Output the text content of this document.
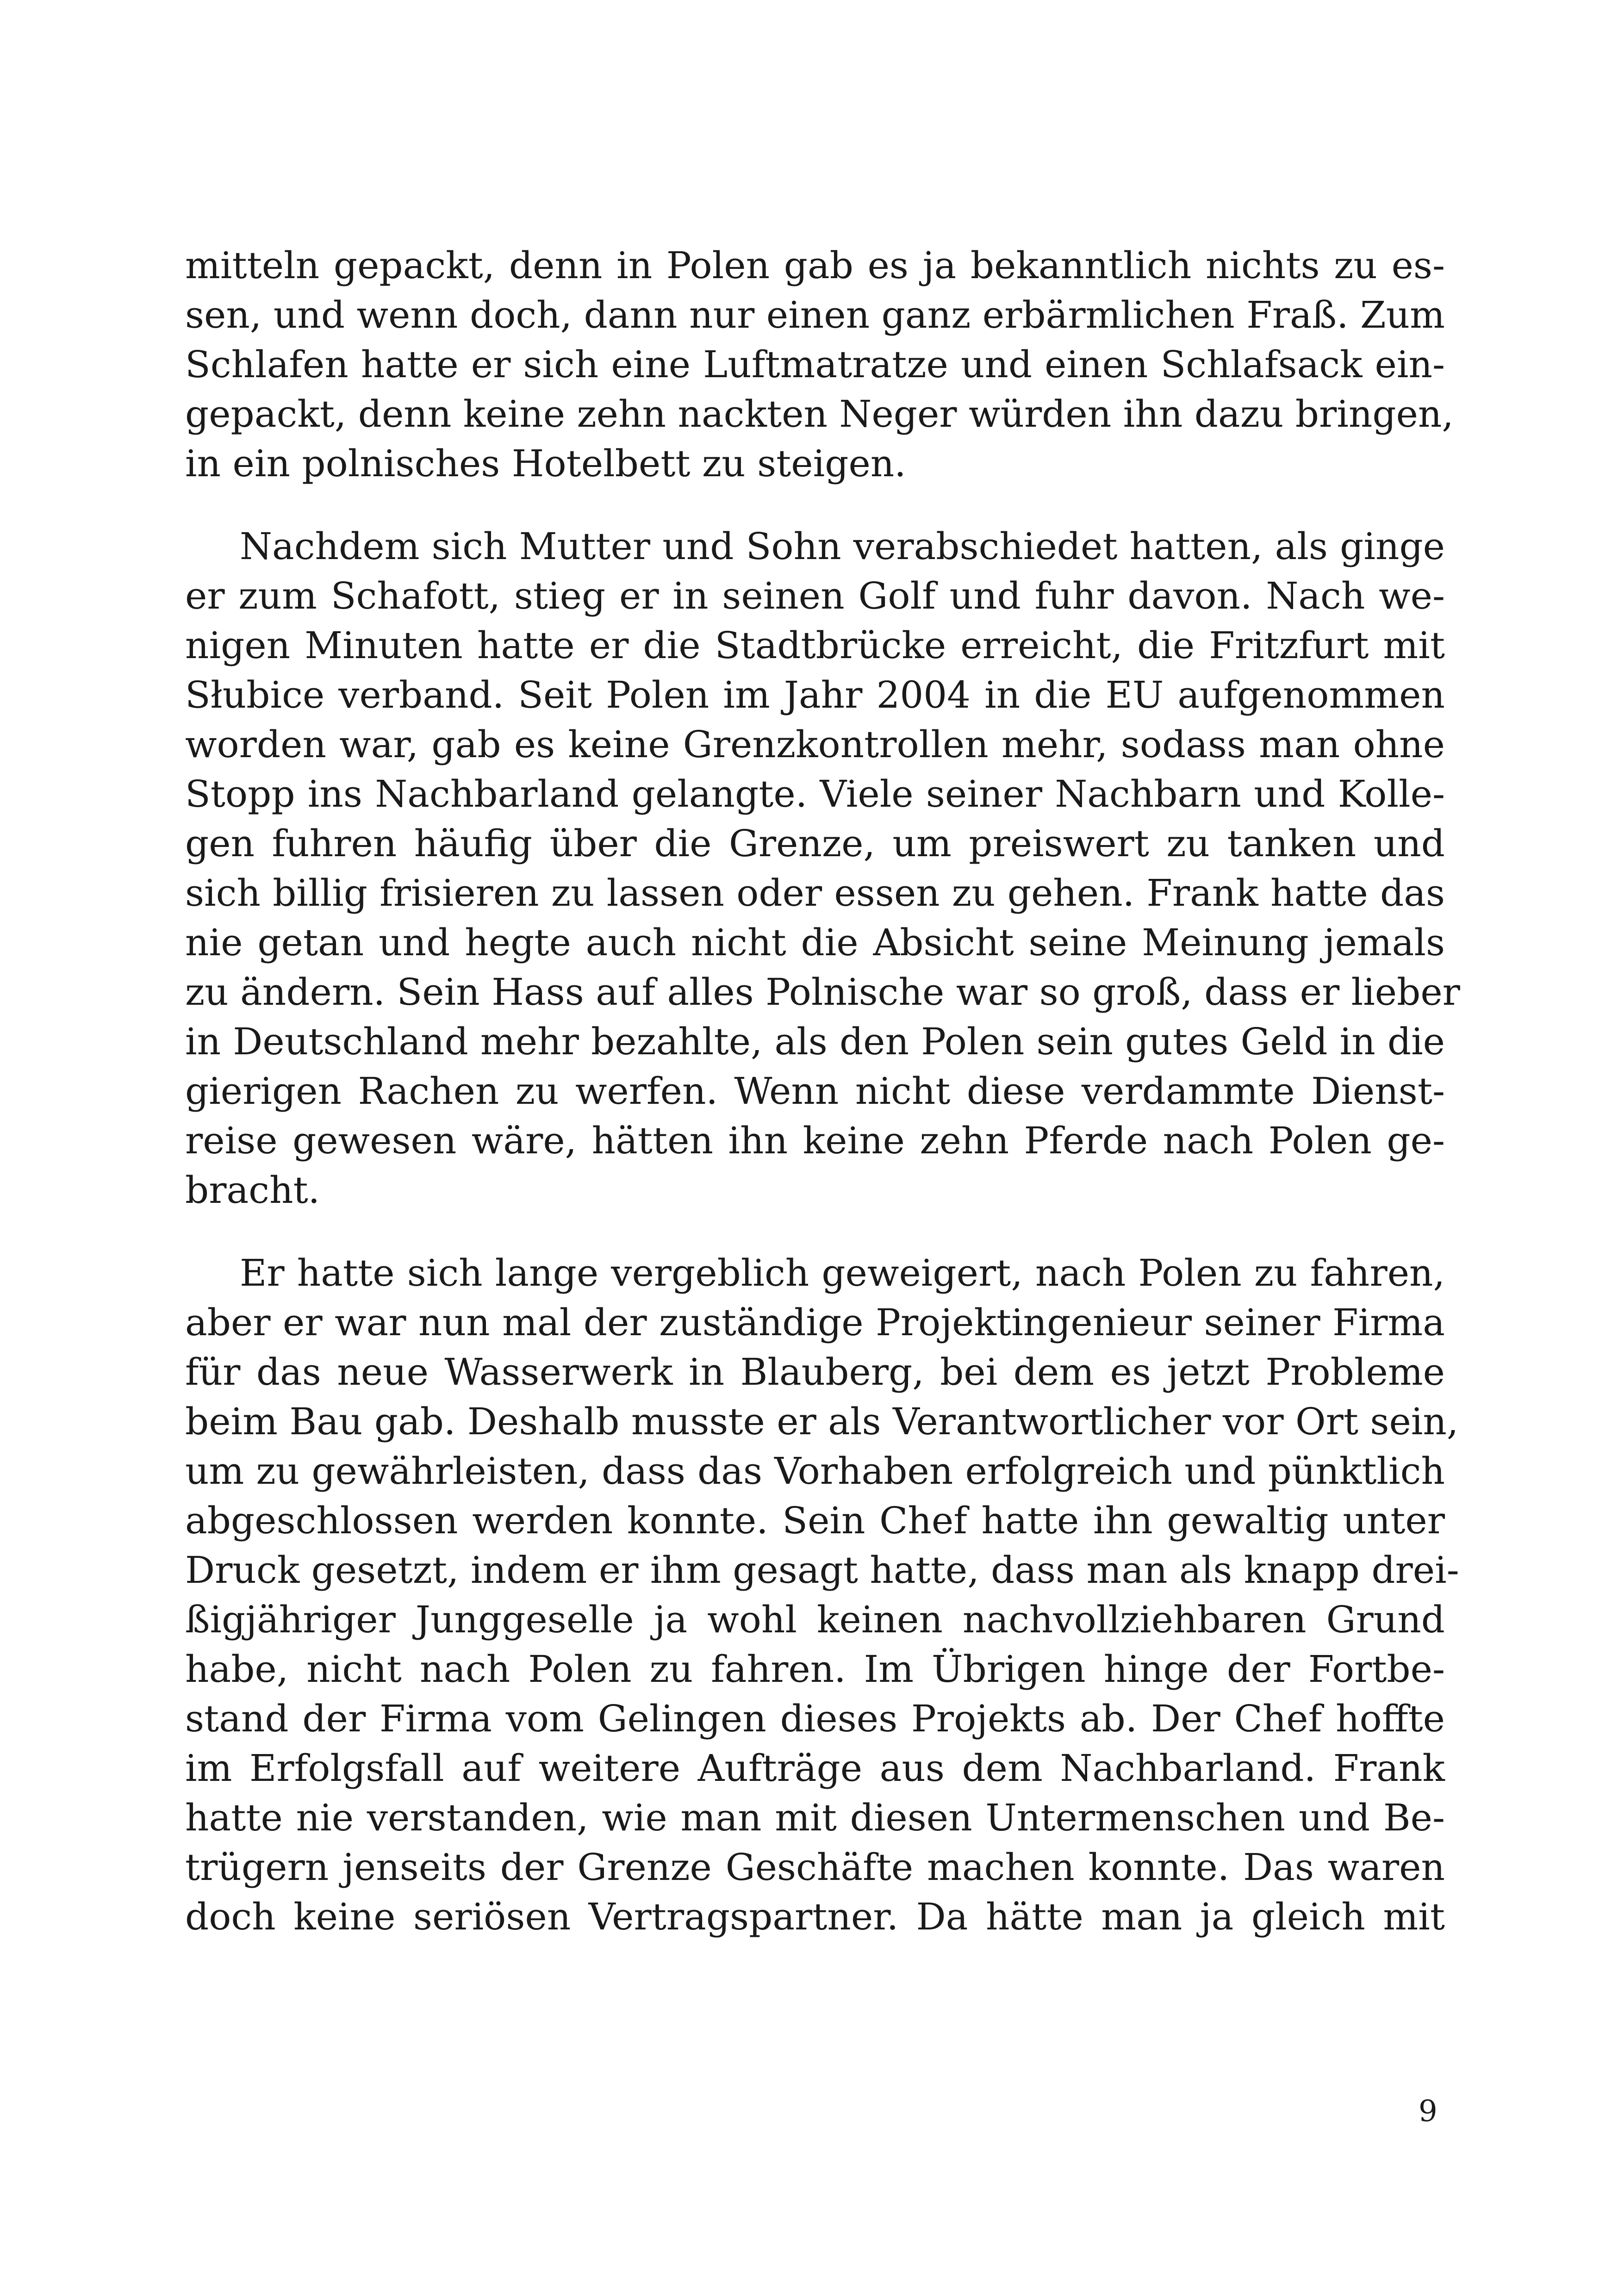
mitteln gepackt, denn in Polen gab es ja bekanntlich nichts zu es-
sen, und wenn doch, dann nur einen ganz erbärmlichen Fraß. Zum
Schlafen hatte er sich eine Luftmatratze und einen Schlafsack ein-
gepackt, denn keine zehn nackten Neger würden ihn dazu bringen,
in ein polnisches Hotelbett zu steigen.
Nachdem sich Mutter und Sohn verabschiedet hatten, als ginge
er zum Schafott, stieg er in seinen Golf und fuhr davon. Nach we-
nigen Minuten hatte er die Stadtbrücke erreicht, die Fritzfurt mit
Słubice verband. Seit Polen im Jahr 2004 in die EU aufgenommen
worden war, gab es keine Grenzkontrollen mehr, sodass man ohne
Stopp ins Nachbarland gelangte. Viele seiner Nachbarn und Kolle-
gen fuhren häufig über die Grenze, um preiswert zu tanken und
sich billig frisieren zu lassen oder essen zu gehen. Frank hatte das
nie getan und hegte auch nicht die Absicht seine Meinung jemals
zu ändern. Sein Hass auf alles Polnische war so groß, dass er lieber
in Deutschland mehr bezahlte, als den Polen sein gutes Geld in die
gierigen Rachen zu werfen. Wenn nicht diese verdammte Dienst-
reise gewesen wäre, hätten ihn keine zehn Pferde nach Polen ge-
bracht.
Er hatte sich lange vergeblich geweigert, nach Polen zu fahren,
aber er war nun mal der zuständige Projektingenieur seiner Firma
für das neue Wasserwerk in Blauberg, bei dem es jetzt Probleme
beim Bau gab. Deshalb musste er als Verantwortlicher vor Ort sein,
um zu gewährleisten, dass das Vorhaben erfolgreich und pünktlich
abgeschlossen werden konnte. Sein Chef hatte ihn gewaltig unter
Druck gesetzt, indem er ihm gesagt hatte, dass man als knapp drei-
ßigjähriger Junggeselle ja wohl keinen nachvollziehbaren Grund
habe, nicht nach Polen zu fahren. Im Übrigen hinge der Fortbe-
stand der Firma vom Gelingen dieses Projekts ab. Der Chef hoffte
im Erfolgsfall auf weitere Aufträge aus dem Nachbarland. Frank
hatte nie verstanden, wie man mit diesen Untermenschen und Be-
trügern jenseits der Grenze Geschäfte machen konnte. Das waren
doch keine seriösen Vertragspartner. Da hätte man ja gleich mit
9
